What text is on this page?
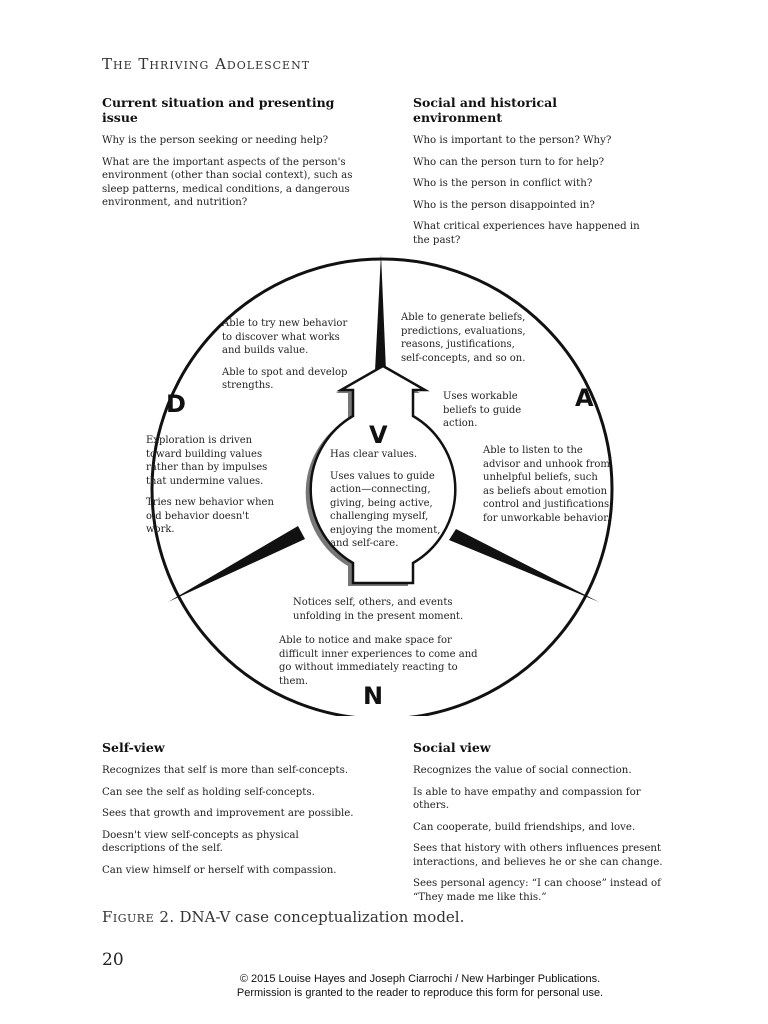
The Thriving Adolescent
Current situation and presenting issue

Why is the person seeking or needing help?

What are the important aspects of the person's environment (other than social context), such as sleep patterns, medical conditions, a dangerous environment, and nutrition?

Social and historical environment

Who is important to the person? Why?

Who can the person turn to for help?

Who is the person in conflict with?

Who is the person disappointed in?

What critical experiences have happened in the past?

D	A
N
V

Able to try new behavior to discover what works and builds value.

Able to spot and develop strengths.

Exploration is driven toward building values rather than by impulses that undermine values.

Tries new behavior when old behavior doesn't work.

Able to generate beliefs, predictions, evaluations, reasons, justifications, self-concepts, and so on.

Uses workable beliefs to guide action.

Able to listen to the advisor and unhook from unhelpful beliefs, such as beliefs about emotion control and justifications for unworkable behavior.

Has clear values.

Uses values to guide action—connecting, giving, being active, challenging myself, enjoying the moment, and self-care.

Notices self, others, and events unfolding in the present moment.

Able to notice and make space for difficult inner experiences to come and go without immediately reacting to them.

Self-view

Recognizes that self is more than self-concepts.

Can see the self as holding self-concepts.

Sees that growth and improvement are possible.

Doesn't view self-concepts as physical descriptions of the self.

Can view himself or herself with compassion.

Social view

Recognizes the value of social connection.

Is able to have empathy and compassion for others.

Can cooperate, build friendships, and love.

Sees that history with others influences present interactions, and believes he or she can change.

Sees personal agency: “I can choose” instead of “They made me like this.”

Figure 2. DNA-V case conceptualization model.
20
© 2015 Louise Hayes and Joseph Ciarrochi / New Harbinger Publications.
Permission is granted to the reader to reproduce this form for personal use.
